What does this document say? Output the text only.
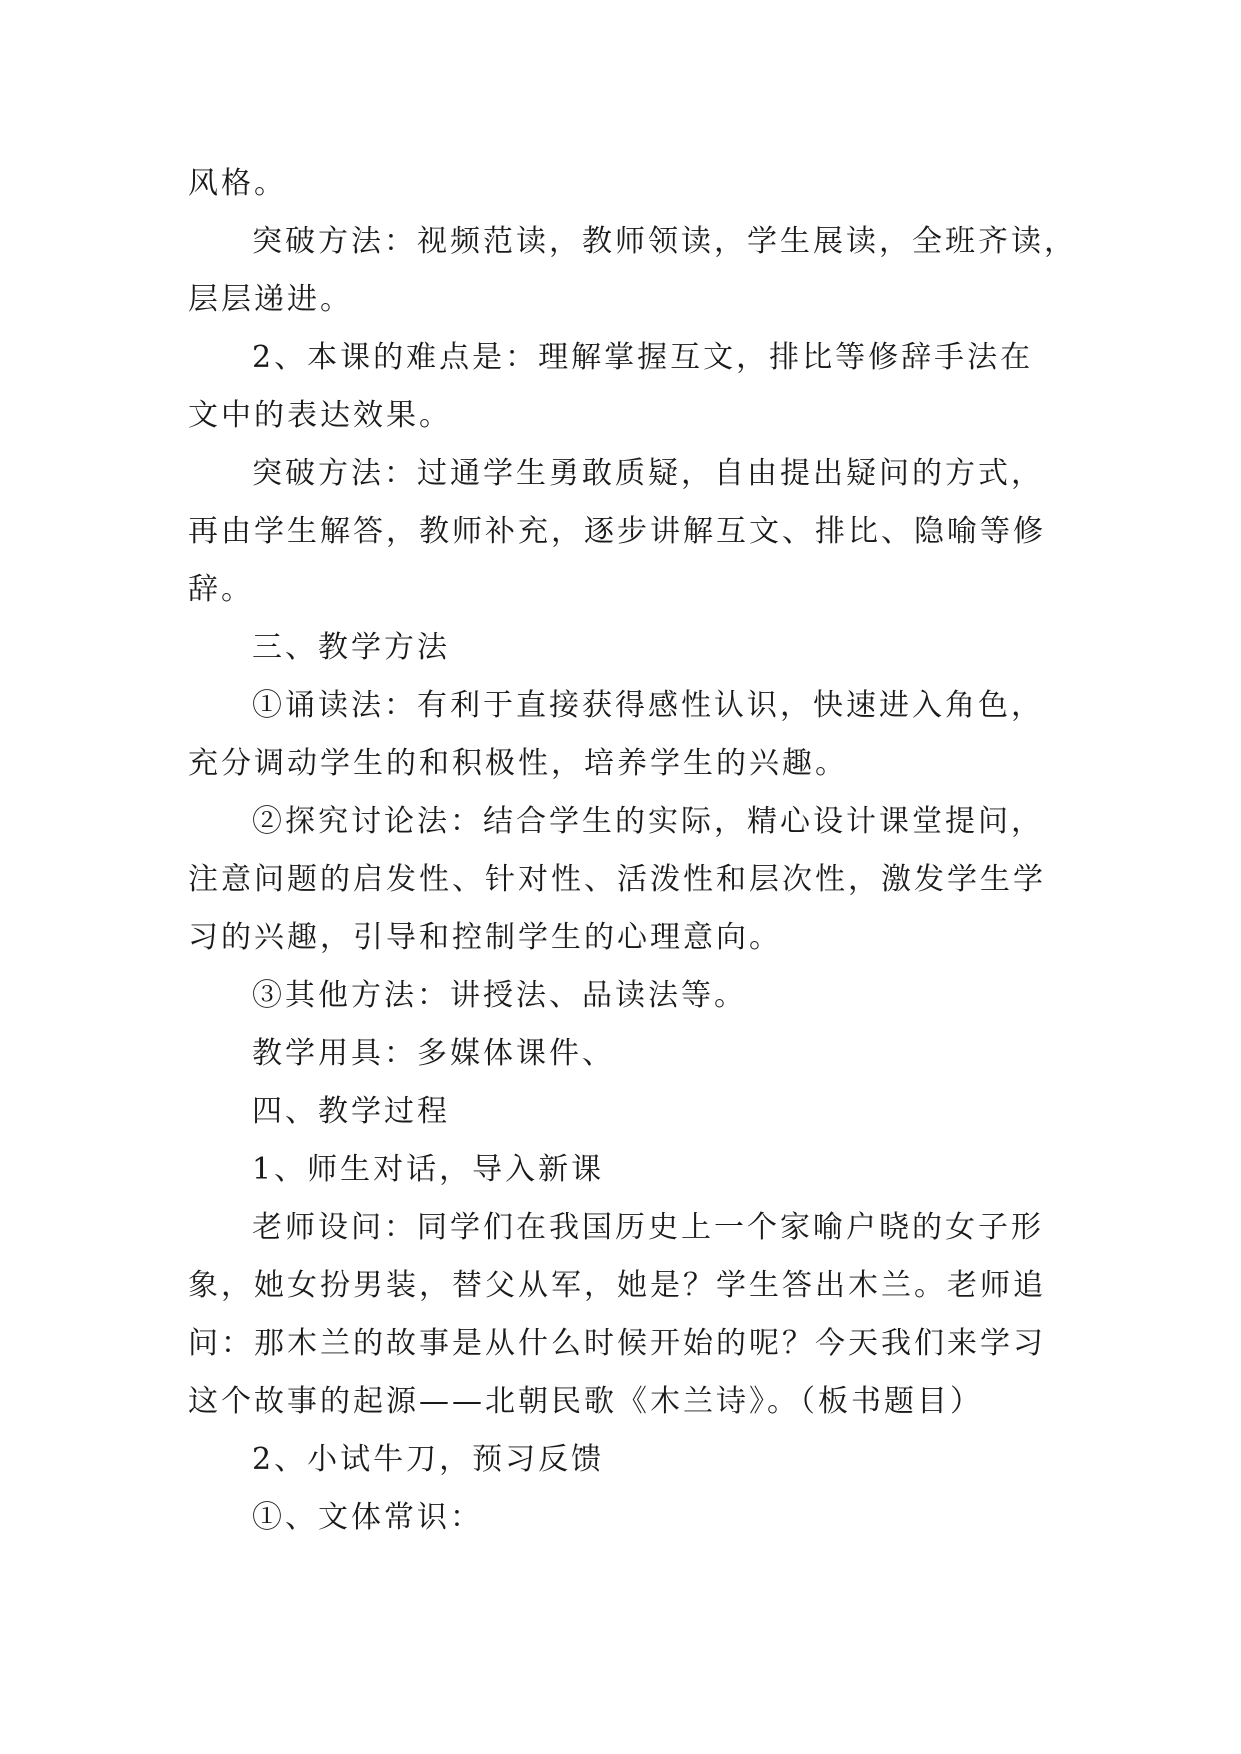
风格。
突破方法：视频范读，教师领读，学生展读，全班齐读，
层层递进。
2、本课的难点是：理解掌握互文，排比等修辞手法在
文中的表达效果。
突破方法：过通学生勇敢质疑，自由提出疑问的方式，
再由学生解答，教师补充，逐步讲解互文、排比、隐喻等修
辞。
三、教学方法
①诵读法：有利于直接获得感性认识，快速进入角色，
充分调动学生的和积极性，培养学生的兴趣。
②探究讨论法：结合学生的实际，精心设计课堂提问，
注意问题的启发性、针对性、活泼性和层次性，激发学生学
习的兴趣，引导和控制学生的心理意向。
③其他方法：讲授法、品读法等。
教学用具：多媒体课件、
四、教学过程
1、师生对话，导入新课
老师设问：同学们在我国历史上一个家喻户晓的女子形
象，她女扮男装，替父从军，她是？学生答出木兰。老师追
问：那木兰的故事是从什么时候开始的呢？今天我们来学习
这个故事的起源——北朝民歌《木兰诗》。（板书题目）
2、小试牛刀，预习反馈
①、文体常识：
